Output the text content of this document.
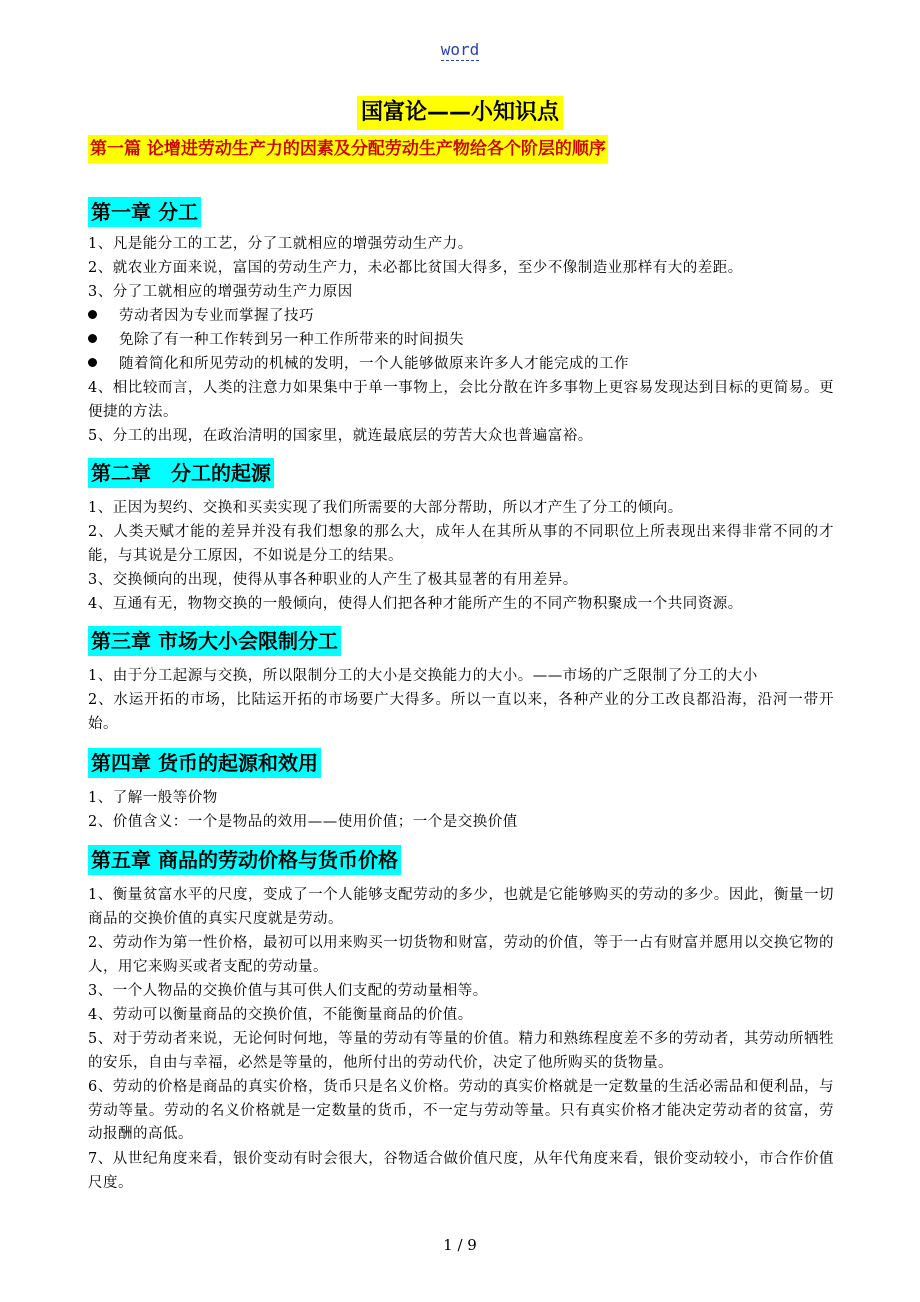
word
国富论——小知识点
第一篇 论增进劳动生产力的因素及分配劳动生产物给各个阶层的顺序
第一章 分工
1、凡是能分工的工艺，分了工就相应的增强劳动生产力。
2、就农业方面来说，富国的劳动生产力，未必都比贫国大得多，至少不像制造业那样有大的差距。
3、分了工就相应的增强劳动生产力原因
劳动者因为专业而掌握了技巧
免除了有一种工作转到另一种工作所带来的时间损失
随着简化和所见劳动的机械的发明，一个人能够做原来许多人才能完成的工作
4、相比较而言，人类的注意力如果集中于单一事物上，会比分散在许多事物上更容易发现达到目标的更简易。更便捷的方法。
5、分工的出现，在政治清明的国家里，就连最底层的劳苦大众也普遍富裕。
第二章　分工的起源
1、正因为契约、交换和买卖实现了我们所需要的大部分帮助，所以才产生了分工的倾向。
2、人类天赋才能的差异并没有我们想象的那么大，成年人在其所从事的不同职位上所表现出来得非常不同的才能，与其说是分工原因，不如说是分工的结果。
3、交换倾向的出现，使得从事各种职业的人产生了极其显著的有用差异。
4、互通有无，物物交换的一般倾向，使得人们把各种才能所产生的不同产物积聚成一个共同资源。
第三章 市场大小会限制分工
1、由于分工起源与交换，所以限制分工的大小是交换能力的大小。——市场的广乏限制了分工的大小
2、水运开拓的市场，比陆运开拓的市场要广大得多。所以一直以来，各种产业的分工改良都沿海，沿河一带开始。
第四章 货币的起源和效用
1、了解一般等价物
2、价值含义：一个是物品的效用——使用价值；一个是交换价值
第五章 商品的劳动价格与货币价格
1、衡量贫富水平的尺度，变成了一个人能够支配劳动的多少，也就是它能够购买的劳动的多少。因此，衡量一切商品的交换价值的真实尺度就是劳动。
2、劳动作为第一性价格，最初可以用来购买一切货物和财富，劳动的价值，等于一占有财富并愿用以交换它物的人，用它来购买或者支配的劳动量。
3、一个人物品的交换价值与其可供人们支配的劳动量相等。
4、劳动可以衡量商品的交换价值，不能衡量商品的价值。
5、对于劳动者来说，无论何时何地，等量的劳动有等量的价值。精力和熟练程度差不多的劳动者，其劳动所牺牲的安乐，自由与幸福，必然是等量的，他所付出的劳动代价，决定了他所购买的货物量。
6、劳动的价格是商品的真实价格，货币只是名义价格。劳动的真实价格就是一定数量的生活必需品和便利品，与劳动等量。劳动的名义价格就是一定数量的货币，不一定与劳动等量。只有真实价格才能决定劳动者的贫富，劳动报酬的高低。
7、从世纪角度来看，银价变动有时会很大，谷物适合做价值尺度，从年代角度来看，银价变动较小，市合作价值尺度。
1 / 9
